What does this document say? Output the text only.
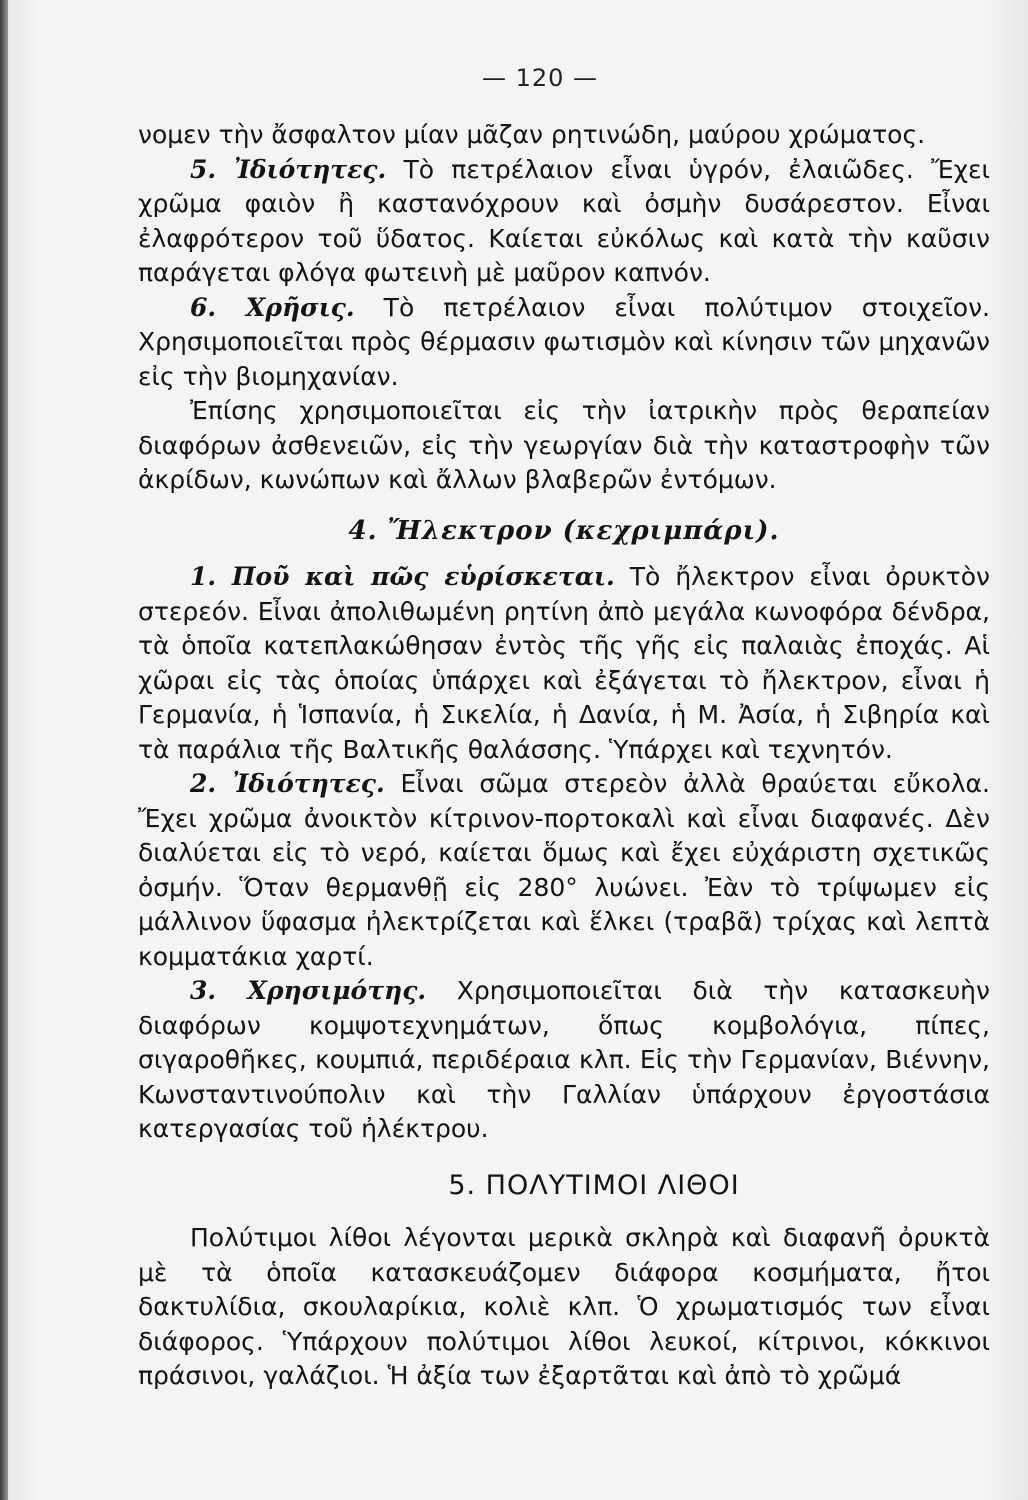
— 120 —

νομεν τὴν ἄσφαλτον μίαν μᾶζαν ρητινώδη, μαύρου χρώματος.

5. Ἰδιότητες. Τὸ πετρέλαιον εἶναι ὑγρόν, ἐλαιῶδες. Ἔχει χρῶμα φαιὸν ἢ καστανόχρουν καὶ ὀσμὴν δυσάρεστον. Εἶναι ἐλαφρότερον τοῦ ὕδατος. Καίεται εὐκόλως καὶ κατὰ τὴν καῦσιν παράγεται φλόγα φωτεινὴ μὲ μαῦρον καπνόν.

6. Χρῆσις. Τὸ πετρέλαιον εἶναι πολύτιμον στοιχεῖον. Χρησιμοποιεῖται πρὸς θέρμασιν φωτισμὸν καὶ κίνησιν τῶν μηχανῶν εἰς τὴν βιομηχανίαν.

Ἐπίσης χρησιμοποιεῖται εἰς τὴν ἰατρικὴν πρὸς θεραπείαν διαφόρων ἀσθενειῶν, εἰς τὴν γεωργίαν διὰ τὴν καταστροφὴν τῶν ἀκρίδων, κωνώπων καὶ ἄλλων βλαβερῶν ἐντόμων.

4. Ἤλεκτρον (κεχριμπάρι).

1. Ποῦ καὶ πῶς εὑρίσκεται. Τὸ ἤλεκτρον εἶναι ὀρυκτὸν στερεόν. Εἶναι ἀπολιθωμένη ρητίνη ἀπὸ μεγάλα κωνοφόρα δένδρα, τὰ ὁποῖα κατεπλακώθησαν ἐντὸς τῆς γῆς εἰς παλαιὰς ἐποχάς. Αἱ χῶραι εἰς τὰς ὁποίας ὑπάρχει καὶ ἐξάγεται τὸ ἤλεκτρον, εἶναι ἡ Γερμανία, ἡ Ἱσπανία, ἡ Σικελία, ἡ Δανία, ἡ Μ. Ἀσία, ἡ Σιβηρία καὶ τὰ παράλια τῆς Βαλτικῆς θαλάσσης. Ὑπάρχει καὶ τεχνητόν.

2. Ἰδιότητες. Εἶναι σῶμα στερεὸν ἀλλὰ θραύεται εὔκολα. Ἔχει χρῶμα ἀνοικτὸν κίτρινον-πορτοκαλὶ καὶ εἶναι διαφανές. Δὲν διαλύεται εἰς τὸ νερό, καίεται ὅμως καὶ ἔχει εὐχάριστη σχετικῶς ὀσμήν. Ὅταν θερμανθῇ εἰς 280° λυώνει. Ἐὰν τὸ τρίψωμεν εἰς μάλλινον ὕφασμα ἠλεκτρίζεται καὶ ἕλκει (τραβᾶ) τρίχας καὶ λεπτὰ κομματάκια χαρτί.

3. Χρησιμότης. Χρησιμοποιεῖται διὰ τὴν κατασκευὴν διαφόρων κομψοτεχνημάτων, ὅπως κομβολόγια, πίπες, σιγαροθῆκες, κουμπιά, περιδέραια κλπ. Εἰς τὴν Γερμανίαν, Βιέννην, Κωνσταντινούπολιν καὶ τὴν Γαλλίαν ὑπάρχουν ἐργοστάσια κατεργασίας τοῦ ἠλέκτρου.

5. ΠΟΛΥΤΙΜΟΙ ΛΙΘΟΙ

Πολύτιμοι λίθοι λέγονται μερικὰ σκληρὰ καὶ διαφανῆ ὀρυκτὰ μὲ τὰ ὁποῖα κατασκευάζομεν διάφορα κοσμήματα, ἤτοι δακτυλίδια, σκουλαρίκια, κολιὲ κλπ. Ὁ χρωματισμός των εἶναι διάφορος. Ὑπάρχουν πολύτιμοι λίθοι λευκοί, κίτρινοι, κόκκινοι πράσινοι, γαλάζιοι. Ἡ ἀξία των ἐξαρτᾶται καὶ ἀπὸ τὸ χρῶμά
